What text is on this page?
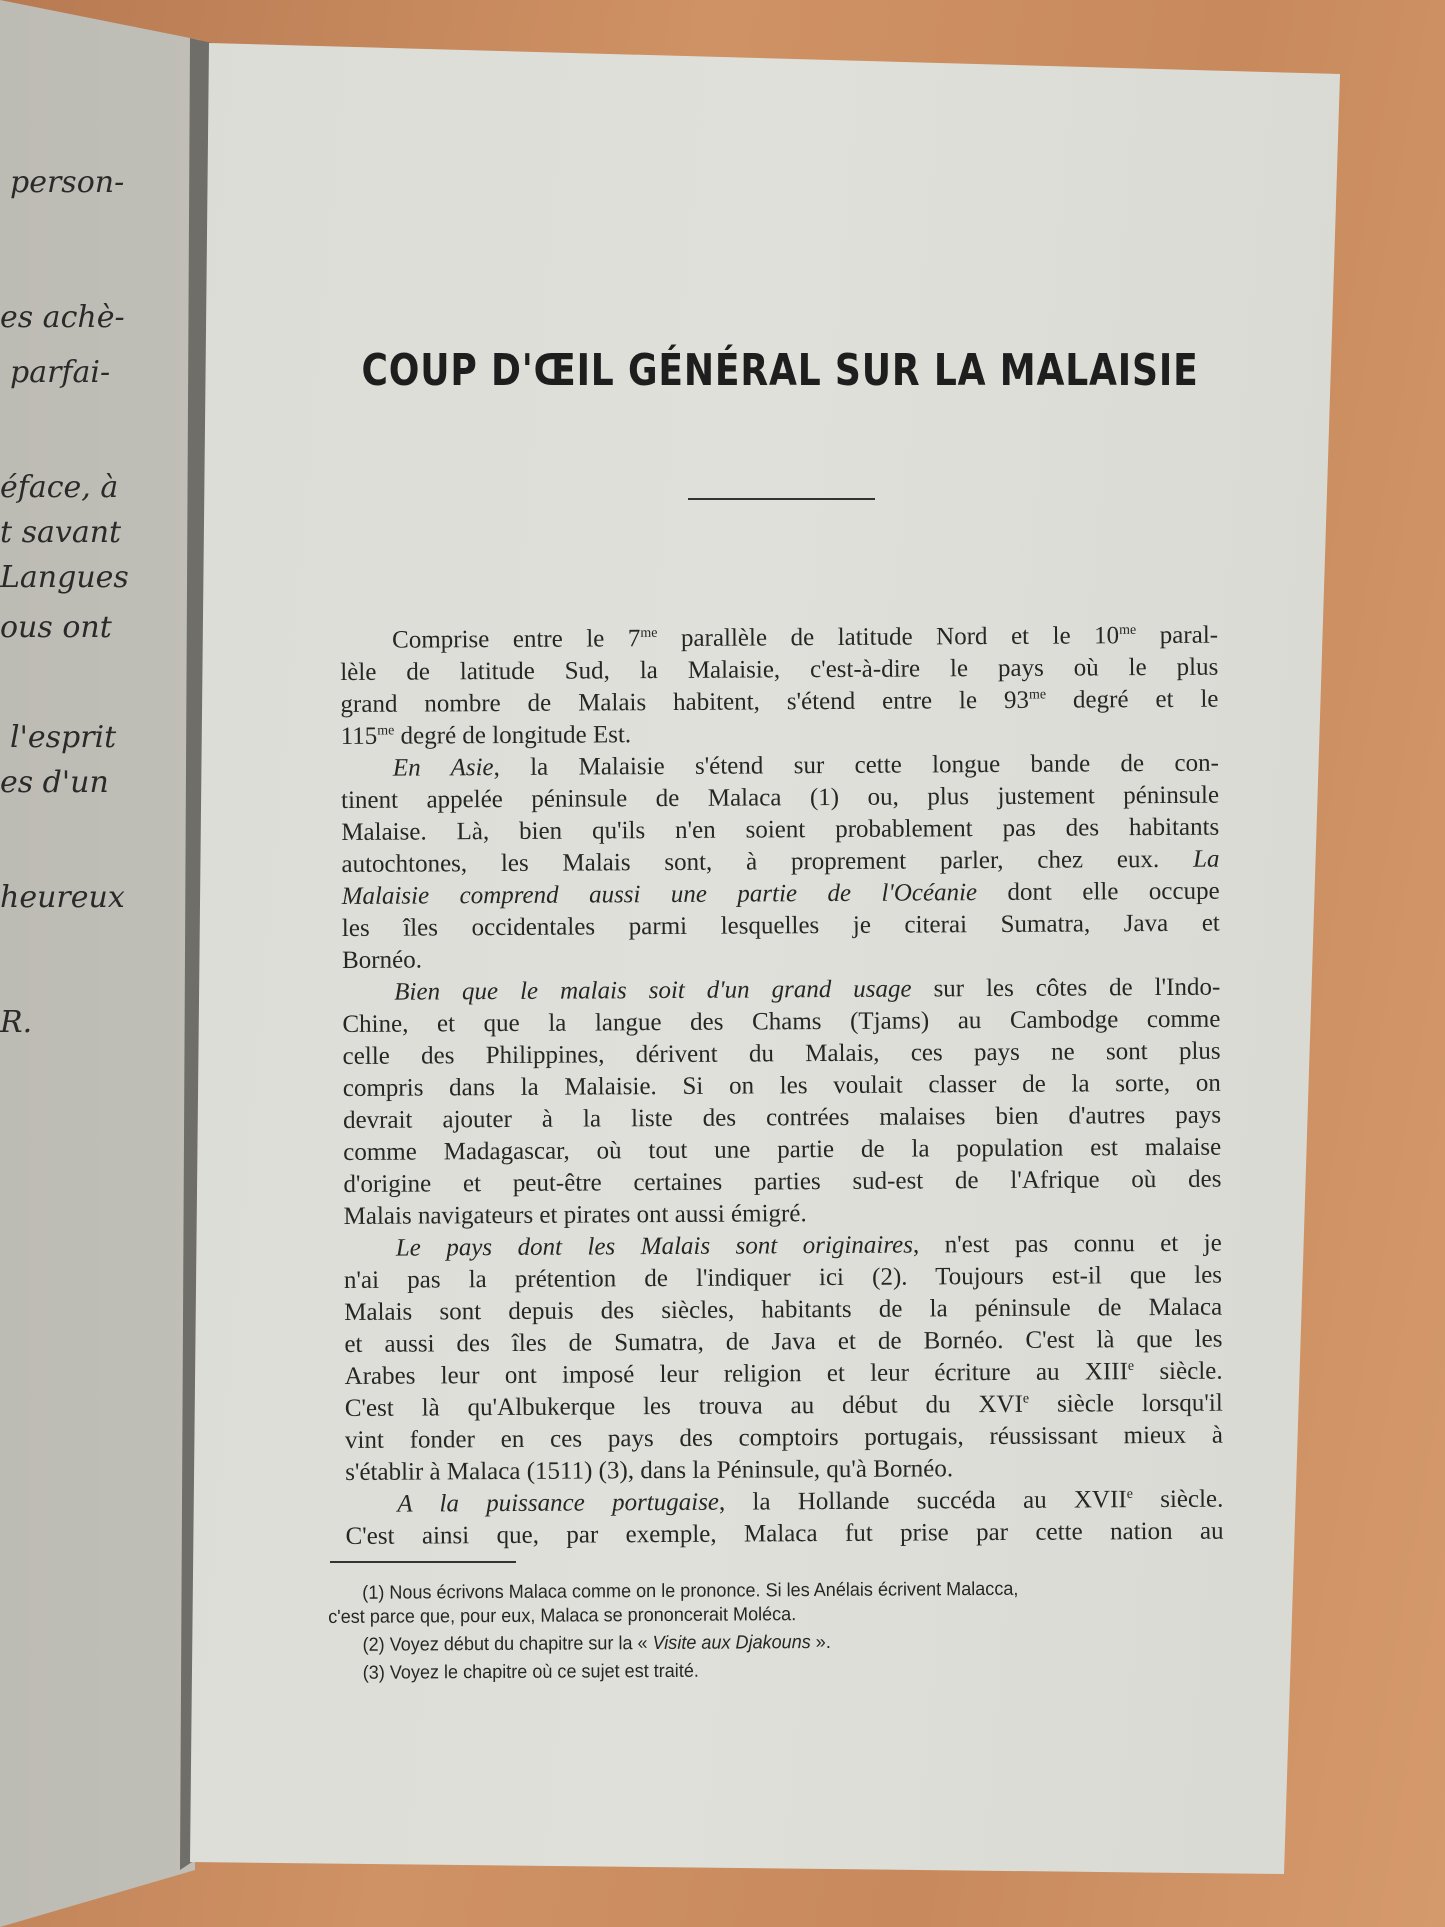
person-
es achè-
parfai-
éface, à
t savant
Langues
ous ont
l'esprit
es d'un
heureux
R.
COUP D'ŒIL GÉNÉRAL SUR LA MALAISIE
Comprise entre le $7^{me}$ parallèle de latitude Nord et le $10^{me}$ paral-
lèle de latitude Sud, la Malaisie, c'est-à-dire le pays où le plus
grand nombre de Malais habitent, s'étend entre le $93^{me}$ degré et le
$115^{me}$ degré de longitude Est.
En Asie, la Malaisie s'étend sur cette longue bande de con-
tinent appelée péninsule de Malaca (1) ou, plus justement péninsule
Malaise. Là, bien qu'ils n'en soient probablement pas des habitants
autochtones, les Malais sont, à proprement parler, chez eux. La
Malaisie comprend aussi une partie de l'Océanie dont elle occupe
les îles occidentales parmi lesquelles je citerai Sumatra, Java et
Bornéo.
Bien que le malais soit d'un grand usage sur les côtes de l'Indo-
Chine, et que la langue des Chams (Tjams) au Cambodge comme
celle des Philippines, dérivent du Malais, ces pays ne sont plus
compris dans la Malaisie. Si on les voulait classer de la sorte, on
devrait ajouter à la liste des contrées malaises bien d'autres pays
comme Madagascar, où tout une partie de la population est malaise
d'origine et peut-être certaines parties sud-est de l'Afrique où des
Malais navigateurs et pirates ont aussi émigré.
Le pays dont les Malais sont originaires, n'est pas connu et je
n'ai pas la prétention de l'indiquer ici (2). Toujours est-il que les
Malais sont depuis des siècles, habitants de la péninsule de Malaca
et aussi des îles de Sumatra, de Java et de Bornéo. C'est là que les
Arabes leur ont imposé leur religion et leur écriture au XIIIe siècle.
C'est là qu'Albukerque les trouva au début du XVIe siècle lorsqu'il
vint fonder en ces pays des comptoirs portugais, réussissant mieux à
s'établir à Malaca (1511) (3), dans la Péninsule, qu'à Bornéo.
A la puissance portugaise, la Hollande succéda au XVIIe siècle.
C'est ainsi que, par exemple, Malaca fut prise par cette nation au
(1) Nous écrivons Malaca comme on le prononce. Si les Anélais écrivent Malacca,
c'est parce que, pour eux, Malaca se prononcerait Moléca.
(2) Voyez début du chapitre sur la « Visite aux Djakouns ».
(3) Voyez le chapitre où ce sujet est traité.
